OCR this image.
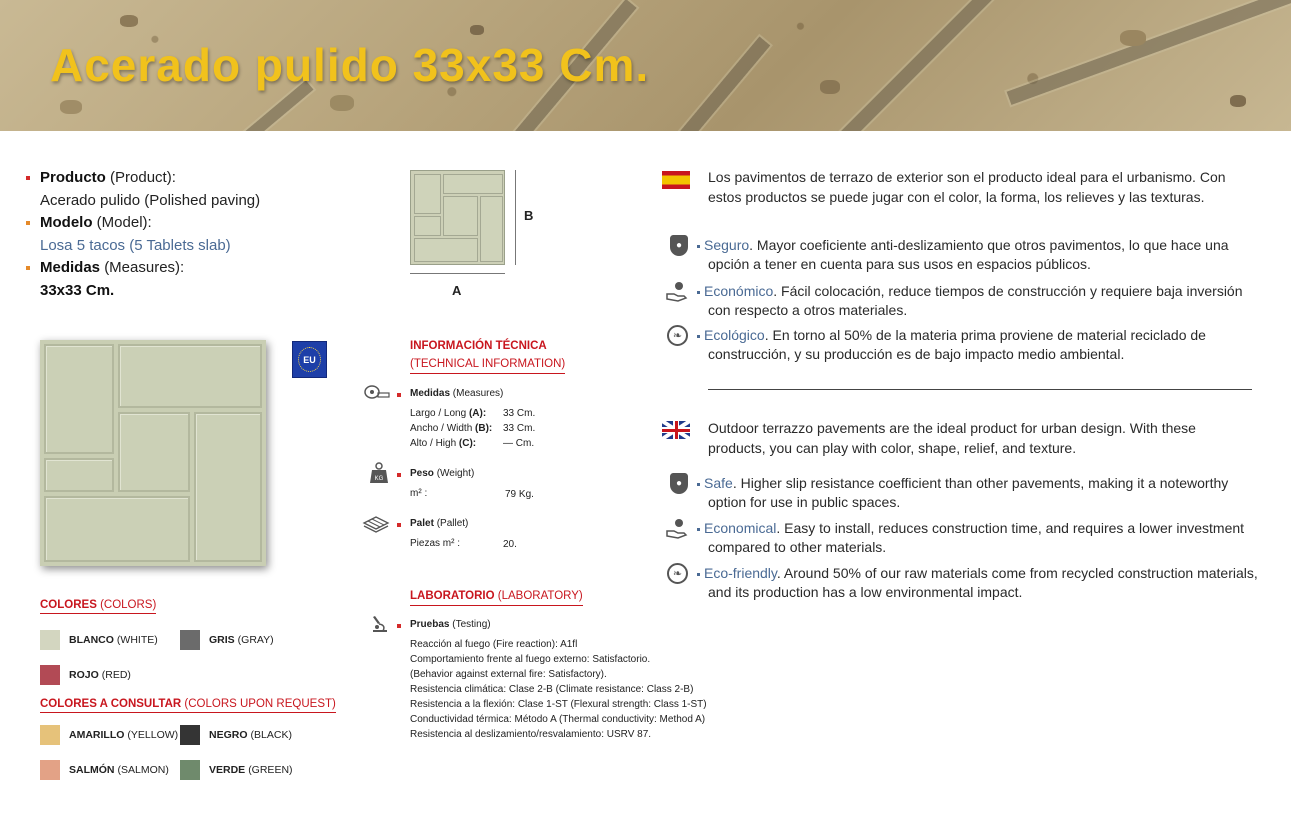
Acerado pulido 33x33 Cm.
Producto (Product):
Acerado pulido (Polished paving)
Modelo (Model):
Losa 5 tacos (5 Tablets slab)
Medidas (Measures):
33x33 Cm.
B
A
EU
COLORES (COLORS)
BLANCO (WHITE)	GRIS (GRAY)
ROJO (RED)
COLORES A CONSULTAR (COLORS UPON REQUEST)
AMARILLO (YELLOW)	NEGRO (BLACK)
SALMÓN (SALMON)	VERDE (GREEN)
INFORMACIÓN TÉCNICA
(TECHNICAL INFORMATION)
Medidas (Measures)
Largo / Long (A): 33 Cm.
Ancho / Width (B): 33 Cm.
Alto / High (C):	— Cm.
KG	Peso (Weight)
m² :	79 Kg.
Palet (Pallet)
Piezas m² :	20.
LABORATORIO (LABORATORY)
Pruebas (Testing)
Reacción al fuego (Fire reaction): A1fl
Comportamiento frente al fuego externo: Satisfactorio.
(Behavior against external fire: Satisfactory).
Resistencia climática: Clase 2-B (Climate resistance: Class 2-B)
Resistencia a la flexión: Clase 1-ST (Flexural strength: Class 1-ST)
Conductividad térmica: Método A (Thermal conductivity: Method A)
Resistencia al deslizamiento/resvalamiento: USRV 87.
Los pavimentos de terrazo de exterior son el producto ideal para el urbanismo. Con estos productos se puede jugar con el color, la forma, los relieves y las texturas.
●	Seguro. Mayor coeficiente anti-deslizamiento que otros pavimentos, lo que hace una opción a tener en cuenta para sus usos en espacios públicos.
Económico. Fácil colocación, reduce tiempos de construcción y requiere baja inversión con respecto a otros materiales.
❧	Ecológico. En torno al 50% de la materia prima proviene de material reciclado de construcción, y su producción es de bajo impacto medio ambiental.
Outdoor terrazzo pavements are the ideal product for urban design. With these products, you can play with color, shape, relief, and texture.
●	Safe. Higher slip resistance coefficient than other pavements, making it a noteworthy option for use in public spaces.
Economical. Easy to install, reduces construction time, and requires a lower investment compared to other materials.
❧	Eco-friendly. Around 50% of our raw materials come from recycled construction materials, and its production has a low environmental impact.
